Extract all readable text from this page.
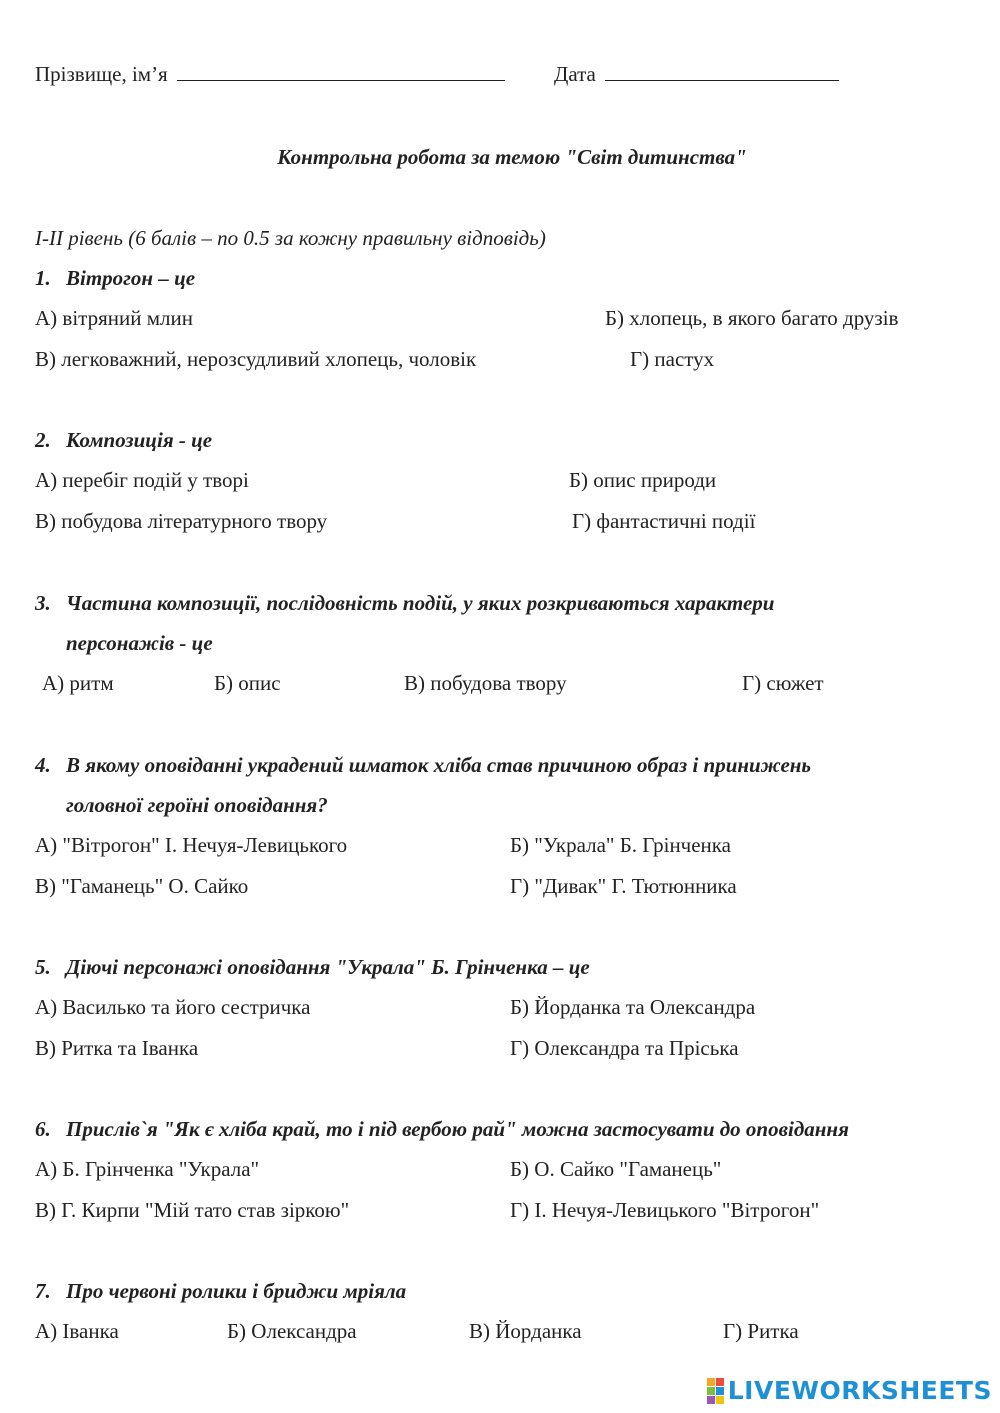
Прізвище, ім’я	Дата
Контрольна робота за темою "Світ дитинства"
І-ІІ рівень (6 балів – по 0.5 за кожну правильну відповідь)
1. Вітрогон – це
А) вітряний млин	Б) хлопець, в якого багато друзів
В) легковажний, нерозсудливий хлопець, чоловік	Г) пастух
2. Композиція - це
А) перебіг подій у творі	Б) опис природи
В) побудова літературного твору	Г) фантастичні події
3. Частина композиції, послідовність подій, у яких розкриваються характери
персонажів - це
А) ритм	Б) опис	В) побудова твору	Г) сюжет
4. В якому оповіданні украдений шматок хліба став причиною образ і принижень
головної героїні оповідання?
А) "Вітрогон" І. Нечуя-Левицького	Б) "Украла" Б. Грінченка
В) "Гаманець" О. Сайко	Г) "Дивак" Г. Тютюнника
5. Діючі персонажі оповідання "Украла" Б. Грінченка – це
А) Василько та його сестричка	Б) Йорданка та Олександра
В) Ритка та Іванка	Г) Олександра та Пріська
6. Прислів`я "Як є хліба край, то і під вербою рай" можна застосувати до оповідання
А) Б. Грінченка "Украла"	Б) О. Сайко "Гаманець"
В) Г. Кирпи "Мій тато став зіркою"	Г) І. Нечуя-Левицького "Вітрогон"
7. Про червоні ролики і бриджи мріяла
А) Іванка	Б) Олександра	В) Йорданка	Г) Ритка
LIVEWORKSHEETS
